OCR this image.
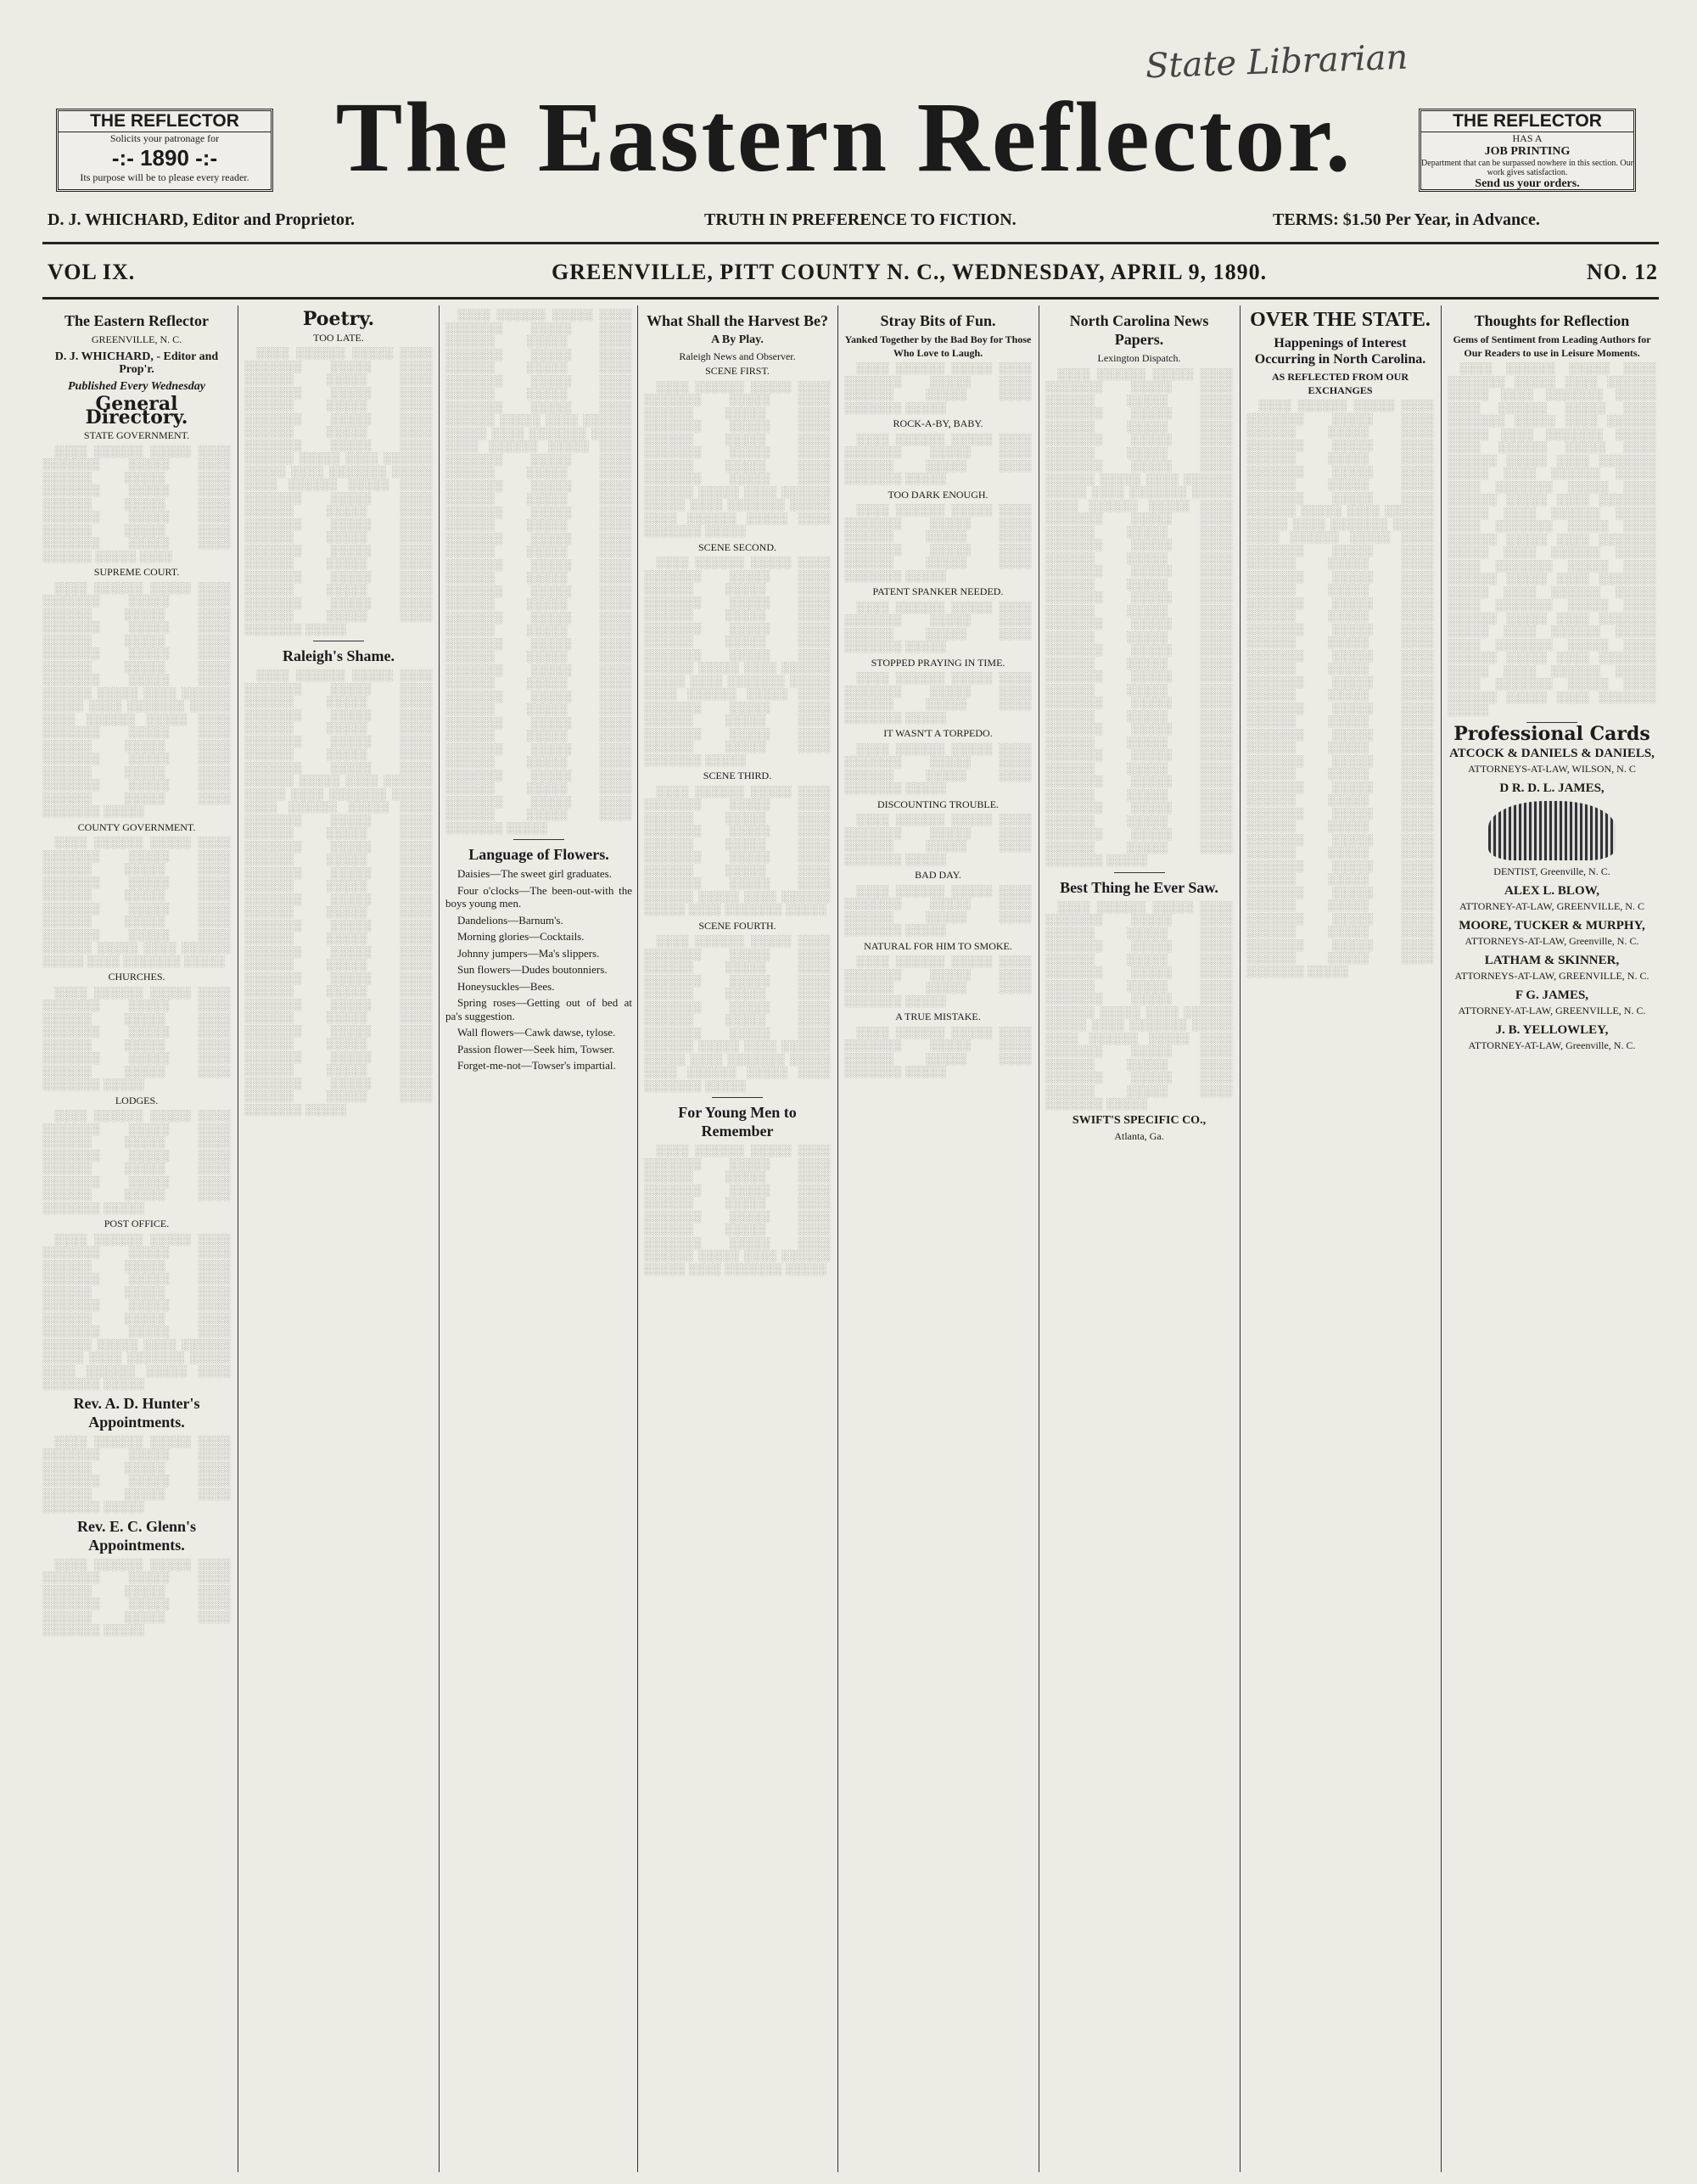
State Librarian
THE REFLECTOR
Solicits your patronage for
-:- 1890 -:-
Its purpose will be to please every reader. The Eastern Reflector.	THE REFLECTOR
HAS A
JOB PRINTING
Department that can be surpassed nowhere in this section. Our work gives satisfaction.
Send us your orders.
D. J. WHICHARD, Editor and Proprietor.	TRUTH IN PREFERENCE TO FICTION.	TERMS: $1.50 Per Year, in Advance.
VOL IX.	GREENVILLE, PITT COUNTY N. C., WEDNESDAY, APRIL 9, 1890.	NO. 12
The Eastern Reflector
GREENVILLE, N. C.
D. J. WHICHARD, - Editor and Prop'r.
Published Every Wednesday
General Directory.
STATE GOVERNMENT.

░░░░ ░░░░░░ ░░░░░ ░░░░ ░░░░░░░ ░░░░░ ░░░░ ░░░░░░ ░░░░░ ░░░░ ░░░░░░░ ░░░░░ ░░░░ ░░░░░░ ░░░░░ ░░░░ ░░░░░░░ ░░░░░ ░░░░ ░░░░░░ ░░░░░ ░░░░ ░░░░░░░ ░░░░░ ░░░░ ░░░░░░ ░░░░░ ░░░░

SUPREME COURT.

░░░░ ░░░░░░ ░░░░░ ░░░░ ░░░░░░░ ░░░░░ ░░░░ ░░░░░░ ░░░░░ ░░░░ ░░░░░░░ ░░░░░ ░░░░ ░░░░░░ ░░░░░ ░░░░ ░░░░░░░ ░░░░░ ░░░░ ░░░░░░ ░░░░░ ░░░░ ░░░░░░░ ░░░░░ ░░░░ ░░░░░░ ░░░░░ ░░░░ ░░░░░░ ░░░░░ ░░░░ ░░░░░░░ ░░░░░ ░░░░ ░░░░░░ ░░░░░ ░░░░ ░░░░░░░ ░░░░░ ░░░░ ░░░░░░ ░░░░░ ░░░░ ░░░░░░░ ░░░░░ ░░░░ ░░░░░░ ░░░░░ ░░░░ ░░░░░░░ ░░░░░ ░░░░ ░░░░░░ ░░░░░ ░░░░ ░░░░░░░ ░░░░░

COUNTY GOVERNMENT.

░░░░ ░░░░░░ ░░░░░ ░░░░ ░░░░░░░ ░░░░░ ░░░░ ░░░░░░ ░░░░░ ░░░░ ░░░░░░░ ░░░░░ ░░░░ ░░░░░░ ░░░░░ ░░░░ ░░░░░░░ ░░░░░ ░░░░ ░░░░░░ ░░░░░ ░░░░ ░░░░░░░ ░░░░░ ░░░░ ░░░░░░ ░░░░░ ░░░░ ░░░░░░ ░░░░░ ░░░░ ░░░░░░░ ░░░░░

CHURCHES.

░░░░ ░░░░░░ ░░░░░ ░░░░ ░░░░░░░ ░░░░░ ░░░░ ░░░░░░ ░░░░░ ░░░░ ░░░░░░░ ░░░░░ ░░░░ ░░░░░░ ░░░░░ ░░░░ ░░░░░░░ ░░░░░ ░░░░ ░░░░░░ ░░░░░ ░░░░ ░░░░░░░ ░░░░░

LODGES.

░░░░ ░░░░░░ ░░░░░ ░░░░ ░░░░░░░ ░░░░░ ░░░░ ░░░░░░ ░░░░░ ░░░░ ░░░░░░░ ░░░░░ ░░░░ ░░░░░░ ░░░░░ ░░░░ ░░░░░░░ ░░░░░ ░░░░ ░░░░░░ ░░░░░ ░░░░ ░░░░░░░ ░░░░░

POST OFFICE.

░░░░ ░░░░░░ ░░░░░ ░░░░ ░░░░░░░ ░░░░░ ░░░░ ░░░░░░ ░░░░░ ░░░░ ░░░░░░░ ░░░░░ ░░░░ ░░░░░░ ░░░░░ ░░░░ ░░░░░░░ ░░░░░ ░░░░ ░░░░░░ ░░░░░ ░░░░ ░░░░░░░ ░░░░░ ░░░░ ░░░░░░ ░░░░░ ░░░░ ░░░░░░ ░░░░░ ░░░░ ░░░░░░░ ░░░░░ ░░░░ ░░░░░░ ░░░░░ ░░░░ ░░░░░░░ ░░░░░

Rev. A. D. Hunter's Appointments.

░░░░ ░░░░░░ ░░░░░ ░░░░ ░░░░░░░ ░░░░░ ░░░░ ░░░░░░ ░░░░░ ░░░░ ░░░░░░░ ░░░░░ ░░░░ ░░░░░░ ░░░░░ ░░░░ ░░░░░░░ ░░░░░

Rev. E. C. Glenn's Appointments.

░░░░ ░░░░░░ ░░░░░ ░░░░ ░░░░░░░ ░░░░░ ░░░░ ░░░░░░ ░░░░░ ░░░░ ░░░░░░░ ░░░░░ ░░░░ ░░░░░░ ░░░░░ ░░░░ ░░░░░░░ ░░░░░

Poetry.
TOO LATE.

░░░░ ░░░░░░ ░░░░░ ░░░░ ░░░░░░░ ░░░░░ ░░░░ ░░░░░░ ░░░░░ ░░░░ ░░░░░░░ ░░░░░ ░░░░ ░░░░░░ ░░░░░ ░░░░ ░░░░░░░ ░░░░░ ░░░░ ░░░░░░ ░░░░░ ░░░░ ░░░░░░░ ░░░░░ ░░░░ ░░░░░░ ░░░░░ ░░░░ ░░░░░░ ░░░░░ ░░░░ ░░░░░░░ ░░░░░ ░░░░ ░░░░░░ ░░░░░ ░░░░ ░░░░░░░ ░░░░░ ░░░░ ░░░░░░ ░░░░░ ░░░░ ░░░░░░░ ░░░░░ ░░░░ ░░░░░░ ░░░░░ ░░░░ ░░░░░░░ ░░░░░ ░░░░ ░░░░░░ ░░░░░ ░░░░ ░░░░░░░ ░░░░░ ░░░░ ░░░░░░ ░░░░░ ░░░░ ░░░░░░░ ░░░░░ ░░░░ ░░░░░░ ░░░░░ ░░░░ ░░░░░░░ ░░░░░

Raleigh's Shame.

░░░░ ░░░░░░ ░░░░░ ░░░░ ░░░░░░░ ░░░░░ ░░░░ ░░░░░░ ░░░░░ ░░░░ ░░░░░░░ ░░░░░ ░░░░ ░░░░░░ ░░░░░ ░░░░ ░░░░░░░ ░░░░░ ░░░░ ░░░░░░ ░░░░░ ░░░░ ░░░░░░░ ░░░░░ ░░░░ ░░░░░░ ░░░░░ ░░░░ ░░░░░░ ░░░░░ ░░░░ ░░░░░░░ ░░░░░ ░░░░ ░░░░░░ ░░░░░ ░░░░ ░░░░░░░ ░░░░░ ░░░░ ░░░░░░ ░░░░░ ░░░░ ░░░░░░░ ░░░░░ ░░░░ ░░░░░░ ░░░░░ ░░░░ ░░░░░░░ ░░░░░ ░░░░ ░░░░░░ ░░░░░ ░░░░ ░░░░░░░ ░░░░░ ░░░░ ░░░░░░ ░░░░░ ░░░░ ░░░░░░░ ░░░░░ ░░░░ ░░░░░░ ░░░░░ ░░░░ ░░░░░░░ ░░░░░ ░░░░ ░░░░░░ ░░░░░ ░░░░ ░░░░░░░ ░░░░░ ░░░░ ░░░░░░ ░░░░░ ░░░░ ░░░░░░░ ░░░░░ ░░░░ ░░░░░░ ░░░░░ ░░░░ ░░░░░░░ ░░░░░ ░░░░ ░░░░░░ ░░░░░ ░░░░ ░░░░░░░ ░░░░░ ░░░░ ░░░░░░ ░░░░░ ░░░░ ░░░░░░░ ░░░░░ ░░░░ ░░░░░░ ░░░░░ ░░░░ ░░░░░░░ ░░░░░

░░░░ ░░░░░░ ░░░░░ ░░░░ ░░░░░░░ ░░░░░ ░░░░ ░░░░░░ ░░░░░ ░░░░ ░░░░░░░ ░░░░░ ░░░░ ░░░░░░ ░░░░░ ░░░░ ░░░░░░░ ░░░░░ ░░░░ ░░░░░░ ░░░░░ ░░░░ ░░░░░░░ ░░░░░ ░░░░ ░░░░░░ ░░░░░ ░░░░ ░░░░░░ ░░░░░ ░░░░ ░░░░░░░ ░░░░░ ░░░░ ░░░░░░ ░░░░░ ░░░░ ░░░░░░░ ░░░░░ ░░░░ ░░░░░░ ░░░░░ ░░░░ ░░░░░░░ ░░░░░ ░░░░ ░░░░░░ ░░░░░ ░░░░ ░░░░░░░ ░░░░░ ░░░░ ░░░░░░ ░░░░░ ░░░░ ░░░░░░░ ░░░░░ ░░░░ ░░░░░░ ░░░░░ ░░░░ ░░░░░░░ ░░░░░ ░░░░ ░░░░░░ ░░░░░ ░░░░ ░░░░░░░ ░░░░░ ░░░░ ░░░░░░ ░░░░░ ░░░░ ░░░░░░░ ░░░░░ ░░░░ ░░░░░░ ░░░░░ ░░░░ ░░░░░░░ ░░░░░ ░░░░ ░░░░░░ ░░░░░ ░░░░ ░░░░░░░ ░░░░░ ░░░░ ░░░░░░ ░░░░░ ░░░░ ░░░░░░░ ░░░░░ ░░░░ ░░░░░░ ░░░░░ ░░░░ ░░░░░░░ ░░░░░ ░░░░ ░░░░░░ ░░░░░ ░░░░ ░░░░░░░ ░░░░░ ░░░░ ░░░░░░ ░░░░░ ░░░░ ░░░░░░░ ░░░░░ ░░░░ ░░░░░░ ░░░░░ ░░░░ ░░░░░░░ ░░░░░ ░░░░ ░░░░░░ ░░░░░ ░░░░ ░░░░░░░ ░░░░░

Language of Flowers.

Daisies—The sweet girl graduates.

Four o'clocks—The been-out-with the boys young men.

Dandelions—Barnum's.

Morning glories—Cocktails.

Johnny jumpers—Ma's slippers.

Sun flowers—Dudes boutonniers.

Honeysuckles—Bees.

Spring roses—Getting out of bed at pa's suggestion.

Wall flowers—Cawk dawse, tylose.

Passion flower—Seek him, Towser.

Forget-me-not—Towser's impartial.

What Shall the Harvest Be?
A By Play.
Raleigh News and Observer.
SCENE FIRST.

░░░░ ░░░░░░ ░░░░░ ░░░░ ░░░░░░░ ░░░░░ ░░░░ ░░░░░░ ░░░░░ ░░░░ ░░░░░░░ ░░░░░ ░░░░ ░░░░░░ ░░░░░ ░░░░ ░░░░░░░ ░░░░░ ░░░░ ░░░░░░ ░░░░░ ░░░░ ░░░░░░░ ░░░░░ ░░░░ ░░░░░░ ░░░░░ ░░░░ ░░░░░░ ░░░░░ ░░░░ ░░░░░░░ ░░░░░ ░░░░ ░░░░░░ ░░░░░ ░░░░ ░░░░░░░ ░░░░░

SCENE SECOND.

░░░░ ░░░░░░ ░░░░░ ░░░░ ░░░░░░░ ░░░░░ ░░░░ ░░░░░░ ░░░░░ ░░░░ ░░░░░░░ ░░░░░ ░░░░ ░░░░░░ ░░░░░ ░░░░ ░░░░░░░ ░░░░░ ░░░░ ░░░░░░ ░░░░░ ░░░░ ░░░░░░░ ░░░░░ ░░░░ ░░░░░░ ░░░░░ ░░░░ ░░░░░░ ░░░░░ ░░░░ ░░░░░░░ ░░░░░ ░░░░ ░░░░░░ ░░░░░ ░░░░ ░░░░░░░ ░░░░░ ░░░░ ░░░░░░ ░░░░░ ░░░░ ░░░░░░░ ░░░░░ ░░░░ ░░░░░░ ░░░░░ ░░░░ ░░░░░░░ ░░░░░

SCENE THIRD.

░░░░ ░░░░░░ ░░░░░ ░░░░ ░░░░░░░ ░░░░░ ░░░░ ░░░░░░ ░░░░░ ░░░░ ░░░░░░░ ░░░░░ ░░░░ ░░░░░░ ░░░░░ ░░░░ ░░░░░░░ ░░░░░ ░░░░ ░░░░░░ ░░░░░ ░░░░ ░░░░░░░ ░░░░░ ░░░░ ░░░░░░ ░░░░░ ░░░░ ░░░░░░ ░░░░░ ░░░░ ░░░░░░░ ░░░░░

SCENE FOURTH.

░░░░ ░░░░░░ ░░░░░ ░░░░ ░░░░░░░ ░░░░░ ░░░░ ░░░░░░ ░░░░░ ░░░░ ░░░░░░░ ░░░░░ ░░░░ ░░░░░░ ░░░░░ ░░░░ ░░░░░░░ ░░░░░ ░░░░ ░░░░░░ ░░░░░ ░░░░ ░░░░░░░ ░░░░░ ░░░░ ░░░░░░ ░░░░░ ░░░░ ░░░░░░ ░░░░░ ░░░░ ░░░░░░░ ░░░░░ ░░░░ ░░░░░░ ░░░░░ ░░░░ ░░░░░░░ ░░░░░

For Young Men to Remember

░░░░ ░░░░░░ ░░░░░ ░░░░ ░░░░░░░ ░░░░░ ░░░░ ░░░░░░ ░░░░░ ░░░░ ░░░░░░░ ░░░░░ ░░░░ ░░░░░░ ░░░░░ ░░░░ ░░░░░░░ ░░░░░ ░░░░ ░░░░░░ ░░░░░ ░░░░ ░░░░░░░ ░░░░░ ░░░░ ░░░░░░ ░░░░░ ░░░░ ░░░░░░ ░░░░░ ░░░░ ░░░░░░░ ░░░░░

Stray Bits of Fun.
Yanked Together by the Bad Boy for Those Who Love to Laugh.

░░░░ ░░░░░░ ░░░░░ ░░░░ ░░░░░░░ ░░░░░ ░░░░ ░░░░░░ ░░░░░ ░░░░ ░░░░░░░ ░░░░░

ROCK-A-BY, BABY.

░░░░ ░░░░░░ ░░░░░ ░░░░ ░░░░░░░ ░░░░░ ░░░░ ░░░░░░ ░░░░░ ░░░░ ░░░░░░░ ░░░░░

TOO DARK ENOUGH.

░░░░ ░░░░░░ ░░░░░ ░░░░ ░░░░░░░ ░░░░░ ░░░░ ░░░░░░ ░░░░░ ░░░░ ░░░░░░░ ░░░░░ ░░░░ ░░░░░░ ░░░░░ ░░░░ ░░░░░░░ ░░░░░

PATENT SPANKER NEEDED.

░░░░ ░░░░░░ ░░░░░ ░░░░ ░░░░░░░ ░░░░░ ░░░░ ░░░░░░ ░░░░░ ░░░░ ░░░░░░░ ░░░░░

STOPPED PRAYING IN TIME.

░░░░ ░░░░░░ ░░░░░ ░░░░ ░░░░░░░ ░░░░░ ░░░░ ░░░░░░ ░░░░░ ░░░░ ░░░░░░░ ░░░░░

IT WASN'T A TORPEDO.

░░░░ ░░░░░░ ░░░░░ ░░░░ ░░░░░░░ ░░░░░ ░░░░ ░░░░░░ ░░░░░ ░░░░ ░░░░░░░ ░░░░░

DISCOUNTING TROUBLE.

░░░░ ░░░░░░ ░░░░░ ░░░░ ░░░░░░░ ░░░░░ ░░░░ ░░░░░░ ░░░░░ ░░░░ ░░░░░░░ ░░░░░

BAD DAY.

░░░░ ░░░░░░ ░░░░░ ░░░░ ░░░░░░░ ░░░░░ ░░░░ ░░░░░░ ░░░░░ ░░░░ ░░░░░░░ ░░░░░

NATURAL FOR HIM TO SMOKE.

░░░░ ░░░░░░ ░░░░░ ░░░░ ░░░░░░░ ░░░░░ ░░░░ ░░░░░░ ░░░░░ ░░░░ ░░░░░░░ ░░░░░

A TRUE MISTAKE.

░░░░ ░░░░░░ ░░░░░ ░░░░ ░░░░░░░ ░░░░░ ░░░░ ░░░░░░ ░░░░░ ░░░░ ░░░░░░░ ░░░░░

North Carolina News Papers.
Lexington Dispatch.

░░░░ ░░░░░░ ░░░░░ ░░░░ ░░░░░░░ ░░░░░ ░░░░ ░░░░░░ ░░░░░ ░░░░ ░░░░░░░ ░░░░░ ░░░░ ░░░░░░ ░░░░░ ░░░░ ░░░░░░░ ░░░░░ ░░░░ ░░░░░░ ░░░░░ ░░░░ ░░░░░░░ ░░░░░ ░░░░ ░░░░░░ ░░░░░ ░░░░ ░░░░░░ ░░░░░ ░░░░ ░░░░░░░ ░░░░░ ░░░░ ░░░░░░ ░░░░░ ░░░░ ░░░░░░░ ░░░░░ ░░░░ ░░░░░░ ░░░░░ ░░░░ ░░░░░░░ ░░░░░ ░░░░ ░░░░░░ ░░░░░ ░░░░ ░░░░░░░ ░░░░░ ░░░░ ░░░░░░ ░░░░░ ░░░░ ░░░░░░░ ░░░░░ ░░░░ ░░░░░░ ░░░░░ ░░░░ ░░░░░░░ ░░░░░ ░░░░ ░░░░░░ ░░░░░ ░░░░ ░░░░░░░ ░░░░░ ░░░░ ░░░░░░ ░░░░░ ░░░░ ░░░░░░░ ░░░░░ ░░░░ ░░░░░░ ░░░░░ ░░░░ ░░░░░░░ ░░░░░ ░░░░ ░░░░░░ ░░░░░ ░░░░ ░░░░░░░ ░░░░░ ░░░░ ░░░░░░ ░░░░░ ░░░░ ░░░░░░░ ░░░░░ ░░░░ ░░░░░░ ░░░░░ ░░░░ ░░░░░░░ ░░░░░ ░░░░ ░░░░░░ ░░░░░ ░░░░ ░░░░░░░ ░░░░░ ░░░░ ░░░░░░ ░░░░░ ░░░░ ░░░░░░░ ░░░░░ ░░░░ ░░░░░░ ░░░░░ ░░░░ ░░░░░░░ ░░░░░

Best Thing he Ever Saw.

░░░░ ░░░░░░ ░░░░░ ░░░░ ░░░░░░░ ░░░░░ ░░░░ ░░░░░░ ░░░░░ ░░░░ ░░░░░░░ ░░░░░ ░░░░ ░░░░░░ ░░░░░ ░░░░ ░░░░░░░ ░░░░░ ░░░░ ░░░░░░ ░░░░░ ░░░░ ░░░░░░░ ░░░░░ ░░░░ ░░░░░░ ░░░░░ ░░░░ ░░░░░░ ░░░░░ ░░░░ ░░░░░░░ ░░░░░ ░░░░ ░░░░░░ ░░░░░ ░░░░ ░░░░░░░ ░░░░░ ░░░░ ░░░░░░ ░░░░░ ░░░░ ░░░░░░░ ░░░░░ ░░░░ ░░░░░░ ░░░░░ ░░░░ ░░░░░░░ ░░░░░

SWIFT'S SPECIFIC CO.,
Atlanta, Ga.
OVER THE STATE.
Happenings of Interest Occurring in North Carolina.
AS REFLECTED FROM OUR EXCHANGES

░░░░ ░░░░░░ ░░░░░ ░░░░ ░░░░░░░ ░░░░░ ░░░░ ░░░░░░ ░░░░░ ░░░░ ░░░░░░░ ░░░░░ ░░░░ ░░░░░░ ░░░░░ ░░░░ ░░░░░░░ ░░░░░ ░░░░ ░░░░░░ ░░░░░ ░░░░ ░░░░░░░ ░░░░░ ░░░░ ░░░░░░ ░░░░░ ░░░░ ░░░░░░ ░░░░░ ░░░░ ░░░░░░░ ░░░░░ ░░░░ ░░░░░░ ░░░░░ ░░░░ ░░░░░░░ ░░░░░ ░░░░ ░░░░░░ ░░░░░ ░░░░ ░░░░░░░ ░░░░░ ░░░░ ░░░░░░ ░░░░░ ░░░░ ░░░░░░░ ░░░░░ ░░░░ ░░░░░░ ░░░░░ ░░░░ ░░░░░░░ ░░░░░ ░░░░ ░░░░░░ ░░░░░ ░░░░ ░░░░░░░ ░░░░░ ░░░░ ░░░░░░ ░░░░░ ░░░░ ░░░░░░░ ░░░░░ ░░░░ ░░░░░░ ░░░░░ ░░░░ ░░░░░░░ ░░░░░ ░░░░ ░░░░░░ ░░░░░ ░░░░ ░░░░░░░ ░░░░░ ░░░░ ░░░░░░ ░░░░░ ░░░░ ░░░░░░░ ░░░░░ ░░░░ ░░░░░░ ░░░░░ ░░░░ ░░░░░░░ ░░░░░ ░░░░ ░░░░░░ ░░░░░ ░░░░ ░░░░░░░ ░░░░░ ░░░░ ░░░░░░ ░░░░░ ░░░░ ░░░░░░░ ░░░░░ ░░░░ ░░░░░░ ░░░░░ ░░░░ ░░░░░░░ ░░░░░ ░░░░ ░░░░░░ ░░░░░ ░░░░ ░░░░░░░ ░░░░░ ░░░░ ░░░░░░ ░░░░░ ░░░░ ░░░░░░░ ░░░░░ ░░░░ ░░░░░░ ░░░░░ ░░░░ ░░░░░░░ ░░░░░ ░░░░ ░░░░░░ ░░░░░ ░░░░ ░░░░░░░ ░░░░░

Thoughts for Reflection
Gems of Sentiment from Leading Authors for Our Readers to use in Leisure Moments.

░░░░ ░░░░░░ ░░░░░ ░░░░ ░░░░░░░ ░░░░░ ░░░░ ░░░░░░ ░░░░░ ░░░░ ░░░░░░░ ░░░░░ ░░░░ ░░░░░░ ░░░░░ ░░░░ ░░░░░░░ ░░░░░ ░░░░ ░░░░░░ ░░░░░ ░░░░ ░░░░░░░ ░░░░░ ░░░░ ░░░░░░ ░░░░░ ░░░░ ░░░░░░ ░░░░░ ░░░░ ░░░░░░░ ░░░░░ ░░░░ ░░░░░░ ░░░░░ ░░░░ ░░░░░░░ ░░░░░ ░░░░ ░░░░░░ ░░░░░ ░░░░ ░░░░░░░ ░░░░░ ░░░░ ░░░░░░ ░░░░░ ░░░░ ░░░░░░░ ░░░░░ ░░░░ ░░░░░░ ░░░░░ ░░░░ ░░░░░░░ ░░░░░ ░░░░ ░░░░░░ ░░░░░ ░░░░ ░░░░░░░ ░░░░░ ░░░░ ░░░░░░ ░░░░░ ░░░░ ░░░░░░░ ░░░░░ ░░░░ ░░░░░░ ░░░░░ ░░░░ ░░░░░░░ ░░░░░ ░░░░ ░░░░░░ ░░░░░ ░░░░ ░░░░░░░ ░░░░░ ░░░░ ░░░░░░ ░░░░░ ░░░░ ░░░░░░░ ░░░░░ ░░░░ ░░░░░░ ░░░░░ ░░░░ ░░░░░░░ ░░░░░ ░░░░ ░░░░░░ ░░░░░ ░░░░ ░░░░░░░ ░░░░░ ░░░░ ░░░░░░ ░░░░░ ░░░░ ░░░░░░░ ░░░░░

Professional Cards
ATCOCK & DANIELS & DANIELS,
ATTORNEYS-AT-LAW, WILSON, N. C
D R. D. L. JAMES,
DENTIST, Greenville, N. C.
ALEX L. BLOW,
ATTORNEY-AT-LAW, GREENVILLE, N. C
MOORE, TUCKER & MURPHY,
ATTORNEYS-AT-LAW, Greenville, N. C.
LATHAM & SKINNER,
ATTORNEYS-AT-LAW, GREENVILLE, N. C.
F G. JAMES,
ATTORNEY-AT-LAW, GREENVILLE, N. C.
J. B. YELLOWLEY,
ATTORNEY-AT-LAW, Greenville, N. C.
